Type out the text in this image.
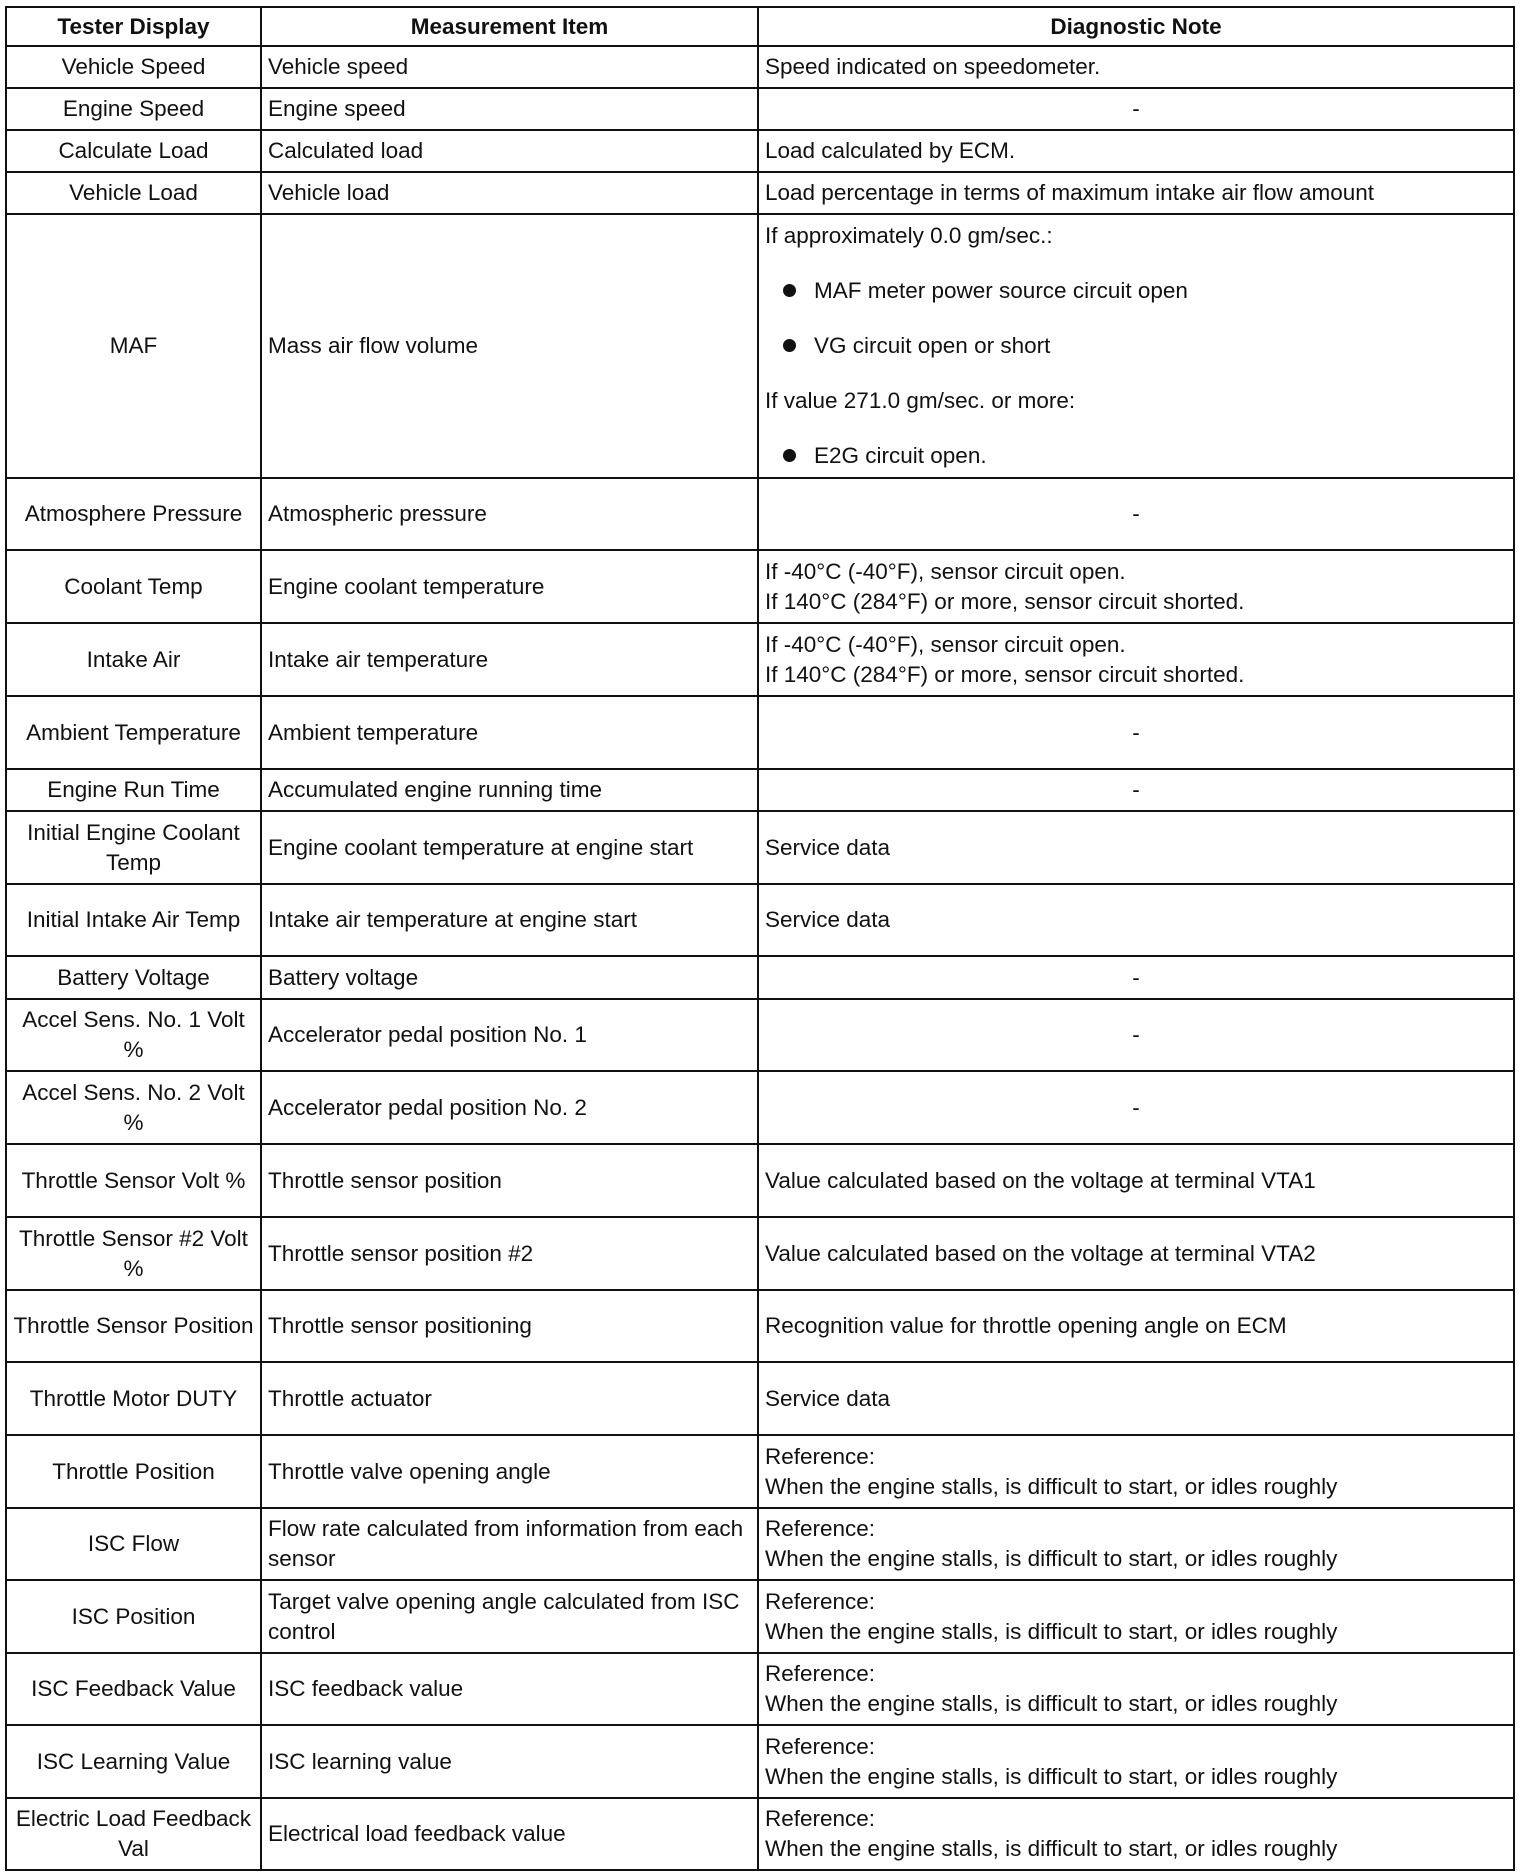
Tester Display	Measurement Item	Diagnostic Note
Vehicle Speed	Vehicle speed	Speed indicated on speedometer.
Engine Speed	Engine speed	-
Calculate Load	Calculated load	Load calculated by ECM.
Vehicle Load	Vehicle load	Load percentage in terms of maximum intake air flow amount
MAF	Mass air flow volume	If approximately 0.0 gm/sec.:
MAF meter power source circuit open
VG circuit open or short
If value 271.0 gm/sec. or more:
E2G circuit open.

Atmosphere Pressure	Atmospheric pressure	-
Coolant Temp	Engine coolant temperature	If -40°C (-40°F), sensor circuit open.
If 140°C (284°F) or more, sensor circuit shorted.

Intake Air	Intake air temperature	If -40°C (-40°F), sensor circuit open.
If 140°C (284°F) or more, sensor circuit shorted.

Ambient Temperature	Ambient temperature	-
Engine Run Time	Accumulated engine running time	-
Initial Engine Coolant Temp	Engine coolant temperature at engine start	Service data
Initial Intake Air Temp	Intake air temperature at engine start	Service data
Battery Voltage	Battery voltage	-
Accel Sens. No. 1 Volt %	Accelerator pedal position No. 1	-
Accel Sens. No. 2 Volt %	Accelerator pedal position No. 2	-
Throttle Sensor Volt %	Throttle sensor position	Value calculated based on the voltage at terminal VTA1
Throttle Sensor #2 Volt %	Throttle sensor position #2	Value calculated based on the voltage at terminal VTA2
Throttle Sensor Position	Throttle sensor positioning	Recognition value for throttle opening angle on ECM
Throttle Motor DUTY	Throttle actuator	Service data
Throttle Position	Throttle valve opening angle	Reference:
When the engine stalls, is difficult to start, or idles roughly

ISC Flow	Flow rate calculated from information from each sensor	Reference:
When the engine stalls, is difficult to start, or idles roughly

ISC Position	Target valve opening angle calculated from ISC control	Reference:
When the engine stalls, is difficult to start, or idles roughly

ISC Feedback Value	ISC feedback value	Reference:
When the engine stalls, is difficult to start, or idles roughly

ISC Learning Value	ISC learning value	Reference:
When the engine stalls, is difficult to start, or idles roughly

Electric Load Feedback Val	Electrical load feedback value	Reference:
When the engine stalls, is difficult to start, or idles roughly
